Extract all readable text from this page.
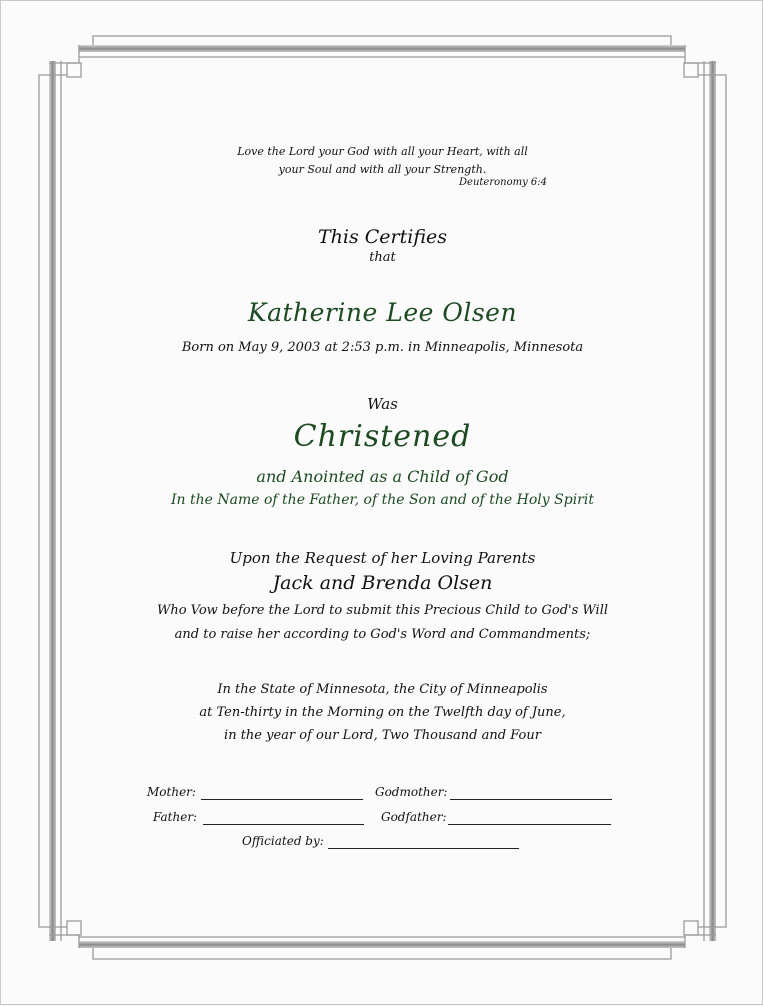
Love the Lord your God with all your Heart, with all
your Soul and with all your Strength.
Deuteronomy 6:4
This Certifies
that
Katherine Lee Olsen
Born on May 9, 2003 at 2:53 p.m. in Minneapolis, Minnesota
Was
Christened
and Anointed as a Child of God
In the Name of the Father, of the Son and of the Holy Spirit
Upon the Request of her Loving Parents
Jack and Brenda Olsen
Who Vow before the Lord to submit this Precious Child to God's Will
and to raise her according to God's Word and Commandments;
In the State of Minnesota, the City of Minneapolis
at Ten-thirty in the Morning on the Twelfth day of June,
in the year of our Lord, Two Thousand and Four
Mother:	Godmother:
Father:	Godfather:
Officiated by:
